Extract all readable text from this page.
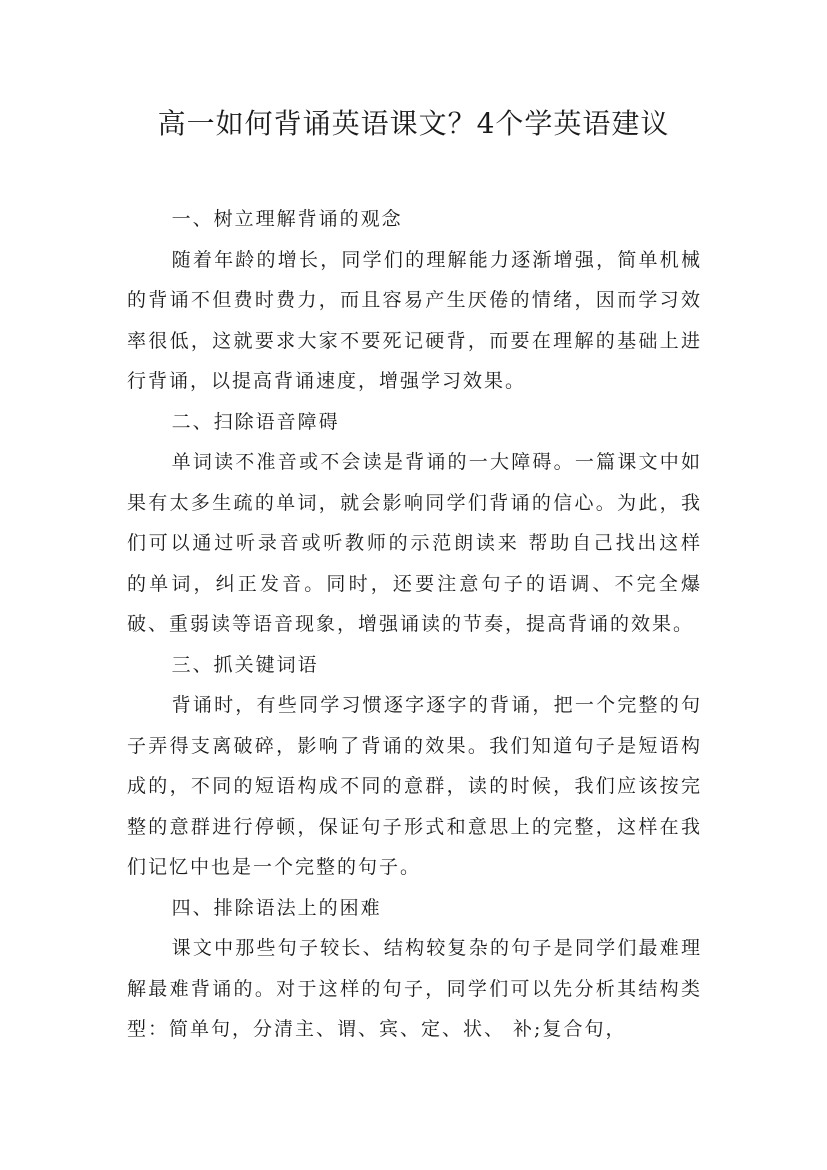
高一如何背诵英语课文？4个学英语建议
一、树立理解背诵的观念

随着年龄的增长，同学们的理解能力逐渐增强，简单机械的背诵不但费时费力，而且容易产生厌倦的情绪，因而学习效率很低，这就要求大家不要死记硬背，而要在理解的基础上进行背诵，以提高背诵速度，增强学习效果。

二、扫除语音障碍

单词读不准音或不会读是背诵的一大障碍。一篇课文中如果有太多生疏的单词，就会影响同学们背诵的信心。为此，我们可以通过听录音或听教师的示范朗读来 帮助自己找出这样的单词，纠正发音。同时，还要注意句子的语调、不完全爆破、重弱读等语音现象，增强诵读的节奏，提高背诵的效果。

三、抓关键词语

背诵时，有些同学习惯逐字逐字的背诵，把一个完整的句子弄得支离破碎，影响了背诵的效果。我们知道句子是短语构成的，不同的短语构成不同的意群，读的时候，我们应该按完整的意群进行停顿，保证句子形式和意思上的完整，这样在我们记忆中也是一个完整的句子。

四、排除语法上的困难

课文中那些句子较长、结构较复杂的句子是同学们最难理解最难背诵的。对于这样的句子，同学们可以先分析其结构类型：简单句，分清主、谓、宾、定、状、 补;复合句，
